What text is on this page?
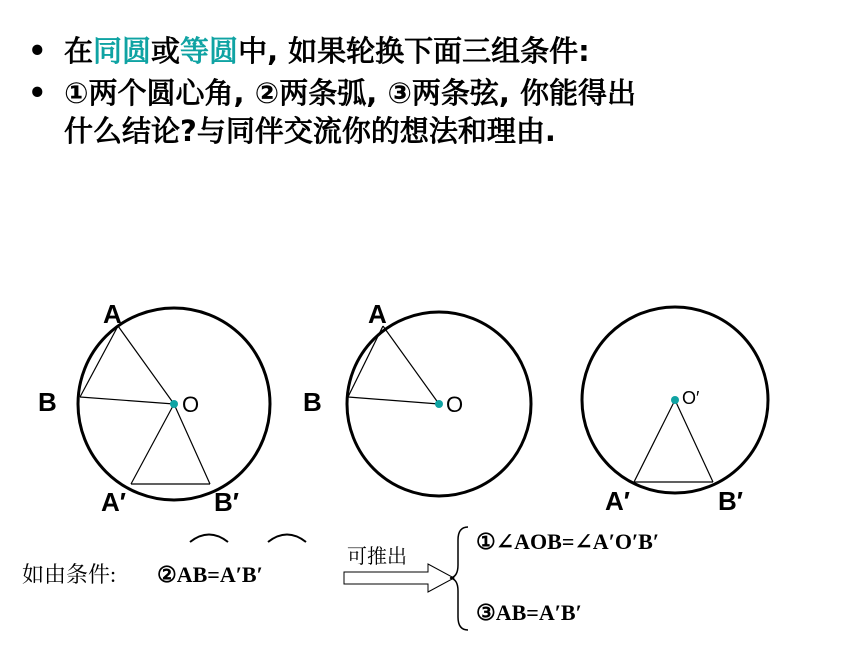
• 在同圆或等圆中, 如果轮换下面三组条件:
• ①两个圆心角, ②两条弧, ③两条弦, 你能得出
什么结论?与同伴交流你的想法和理由.
A
B	O
A′	B′
A
B	O	O′
A′	B′
如由条件: ②AB=A′B′
可推出
①∠AOB=∠A′O′B′
③AB=A′B′
